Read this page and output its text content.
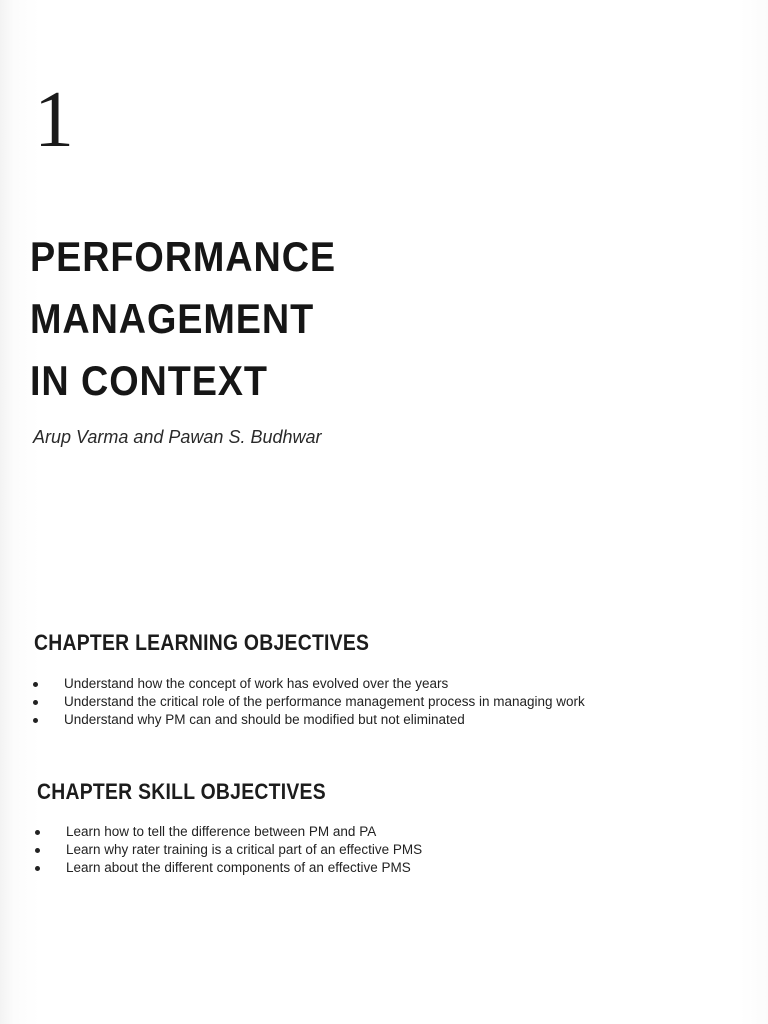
1
PERFORMANCE
MANAGEMENT
IN CONTEXT
Arup Varma and Pawan S. Budhwar
CHAPTER LEARNING OBJECTIVES
Understand how the concept of work has evolved over the years
Understand the critical role of the performance management process in managing work
Understand why PM can and should be modified but not eliminated
CHAPTER SKILL OBJECTIVES
Learn how to tell the difference between PM and PA
Learn why rater training is a critical part of an effective PMS
Learn about the different components of an effective PMS
